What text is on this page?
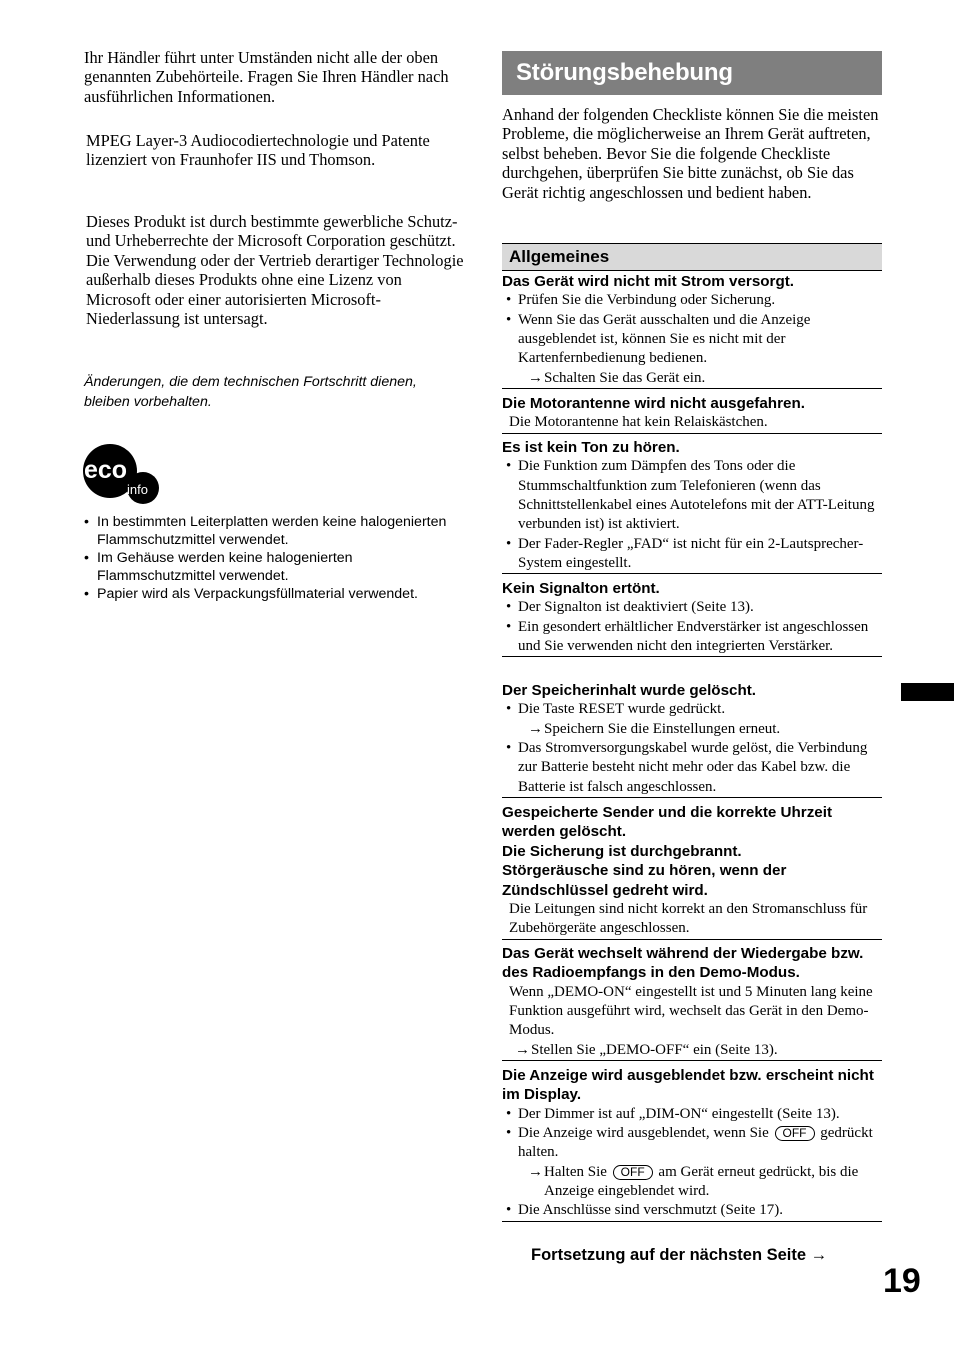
Ihr Händler führt unter Umständen nicht alle der oben genannten Zubehörteile. Fragen Sie Ihren Händler nach ausführlichen Informationen.

MPEG Layer-3 Audiocodiertechnologie und Patente lizenziert von Fraunhofer IIS und Thomson.

Dieses Produkt ist durch bestimmte gewerbliche Schutz- und Urheberrechte der Microsoft Corporation geschützt. Die Verwendung oder der Vertrieb derartiger Technologie außerhalb dieses Produkts ohne eine Lizenz von Microsoft oder einer autorisierten Microsoft-Niederlassung ist untersagt.

Änderungen, die dem technischen Fortschritt dienen, bleiben vorbehalten.

eco
info
• In bestimmten Leiterplatten werden keine halogenierten Flammschutzmittel verwendet.
• Im Gehäuse werden keine halogenierten Flammschutzmittel verwendet.
• Papier wird als Verpackungsfüllmaterial verwendet.
Störungsbehebung

Anhand der folgenden Checkliste können Sie die meisten Probleme, die möglicherweise an Ihrem Gerät auftreten, selbst beheben. Bevor Sie die folgende Checkliste durchgehen, überprüfen Sie bitte zunächst, ob Sie das Gerät richtig angeschlossen und bedient haben.

Allgemeines

Das Gerät wird nicht mit Strom versorgt.

• Prüfen Sie die Verbindung oder Sicherung.
• Wenn Sie das Gerät ausschalten und die Anzeige ausgeblendet ist, können Sie es nicht mit der Kartenfernbedienung bedienen.
→ Schalten Sie das Gerät ein.

Die Motorantenne wird nicht ausgefahren.

Die Motorantenne hat kein Relaiskästchen.

Es ist kein Ton zu hören.

• Die Funktion zum Dämpfen des Tons oder die Stummschaltfunktion zum Telefonieren (wenn das Schnittstellenkabel eines Autotelefons mit der ATT-Leitung verbunden ist) ist aktiviert.
• Der Fader-Regler „FAD“ ist nicht für ein 2-Lautsprecher-System eingestellt.

Kein Signalton ertönt.

• Der Signalton ist deaktiviert (Seite 13).
• Ein gesondert erhältlicher Endverstärker ist angeschlossen und Sie verwenden nicht den integrierten Verstärker.

Der Speicherinhalt wurde gelöscht.

• Die Taste RESET wurde gedrückt.
→ Speichern Sie die Einstellungen erneut.
• Das Stromversorgungskabel wurde gelöst, die Verbindung zur Batterie besteht nicht mehr oder das Kabel bzw. die Batterie ist falsch angeschlossen.

Gespeicherte Sender und die korrekte Uhrzeit werden gelöscht.

Die Sicherung ist durchgebrannt.

Störgeräusche sind zu hören, wenn der Zündschlüssel gedreht wird.

Die Leitungen sind nicht korrekt an den Stromanschluss für Zubehörgeräte angeschlossen.

Das Gerät wechselt während der Wiedergabe bzw. des Radioempfangs in den Demo-Modus.

Wenn „DEMO-ON“ eingestellt ist und 5 Minuten lang keine Funktion ausgeführt wird, wechselt das Gerät in den Demo-Modus.

→ Stellen Sie „DEMO-OFF“ ein (Seite 13).

Die Anzeige wird ausgeblendet bzw. erscheint nicht im Display.

• Der Dimmer ist auf „DIM-ON“ eingestellt (Seite 13).
• Die Anzeige wird ausgeblendet, wenn Sie OFF gedrückt halten.
→ Halten Sie OFF am Gerät erneut gedrückt, bis die Anzeige eingeblendet wird.
• Die Anschlüsse sind verschmutzt (Seite 17).
Fortsetzung auf der nächsten Seite →
19
